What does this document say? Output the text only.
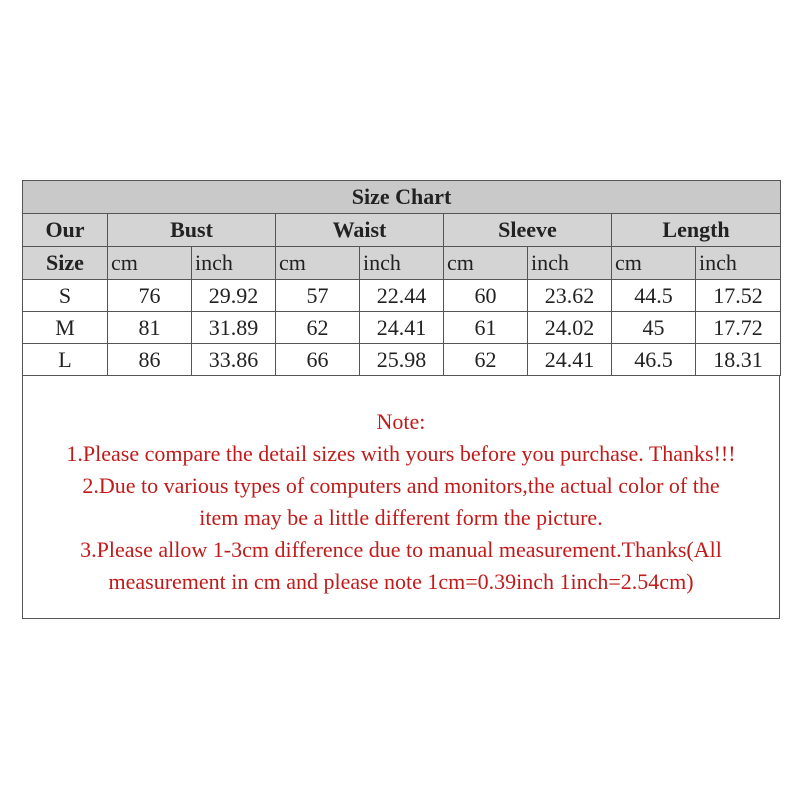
Size Chart								
Our	Bust		Waist		Sleeve		Length	
Size	cm	inch	cm	inch	cm	inch	cm	inch
S	76	29.92	57	22.44	60	23.62	44.5	17.52
M	81	31.89	62	24.41	61	24.02	45	17.72
L	86	33.86	66	25.98	62	24.41	46.5	18.31
Note:
1.Please compare the detail sizes with yours before you purchase. Thanks!!!
2.Due to various types of computers and monitors,the actual color of the
item may be a little different form the picture.
3.Please allow 1-3cm difference due to manual measurement.Thanks(All
measurement in cm and please note 1cm=0.39inch 1inch=2.54cm)
